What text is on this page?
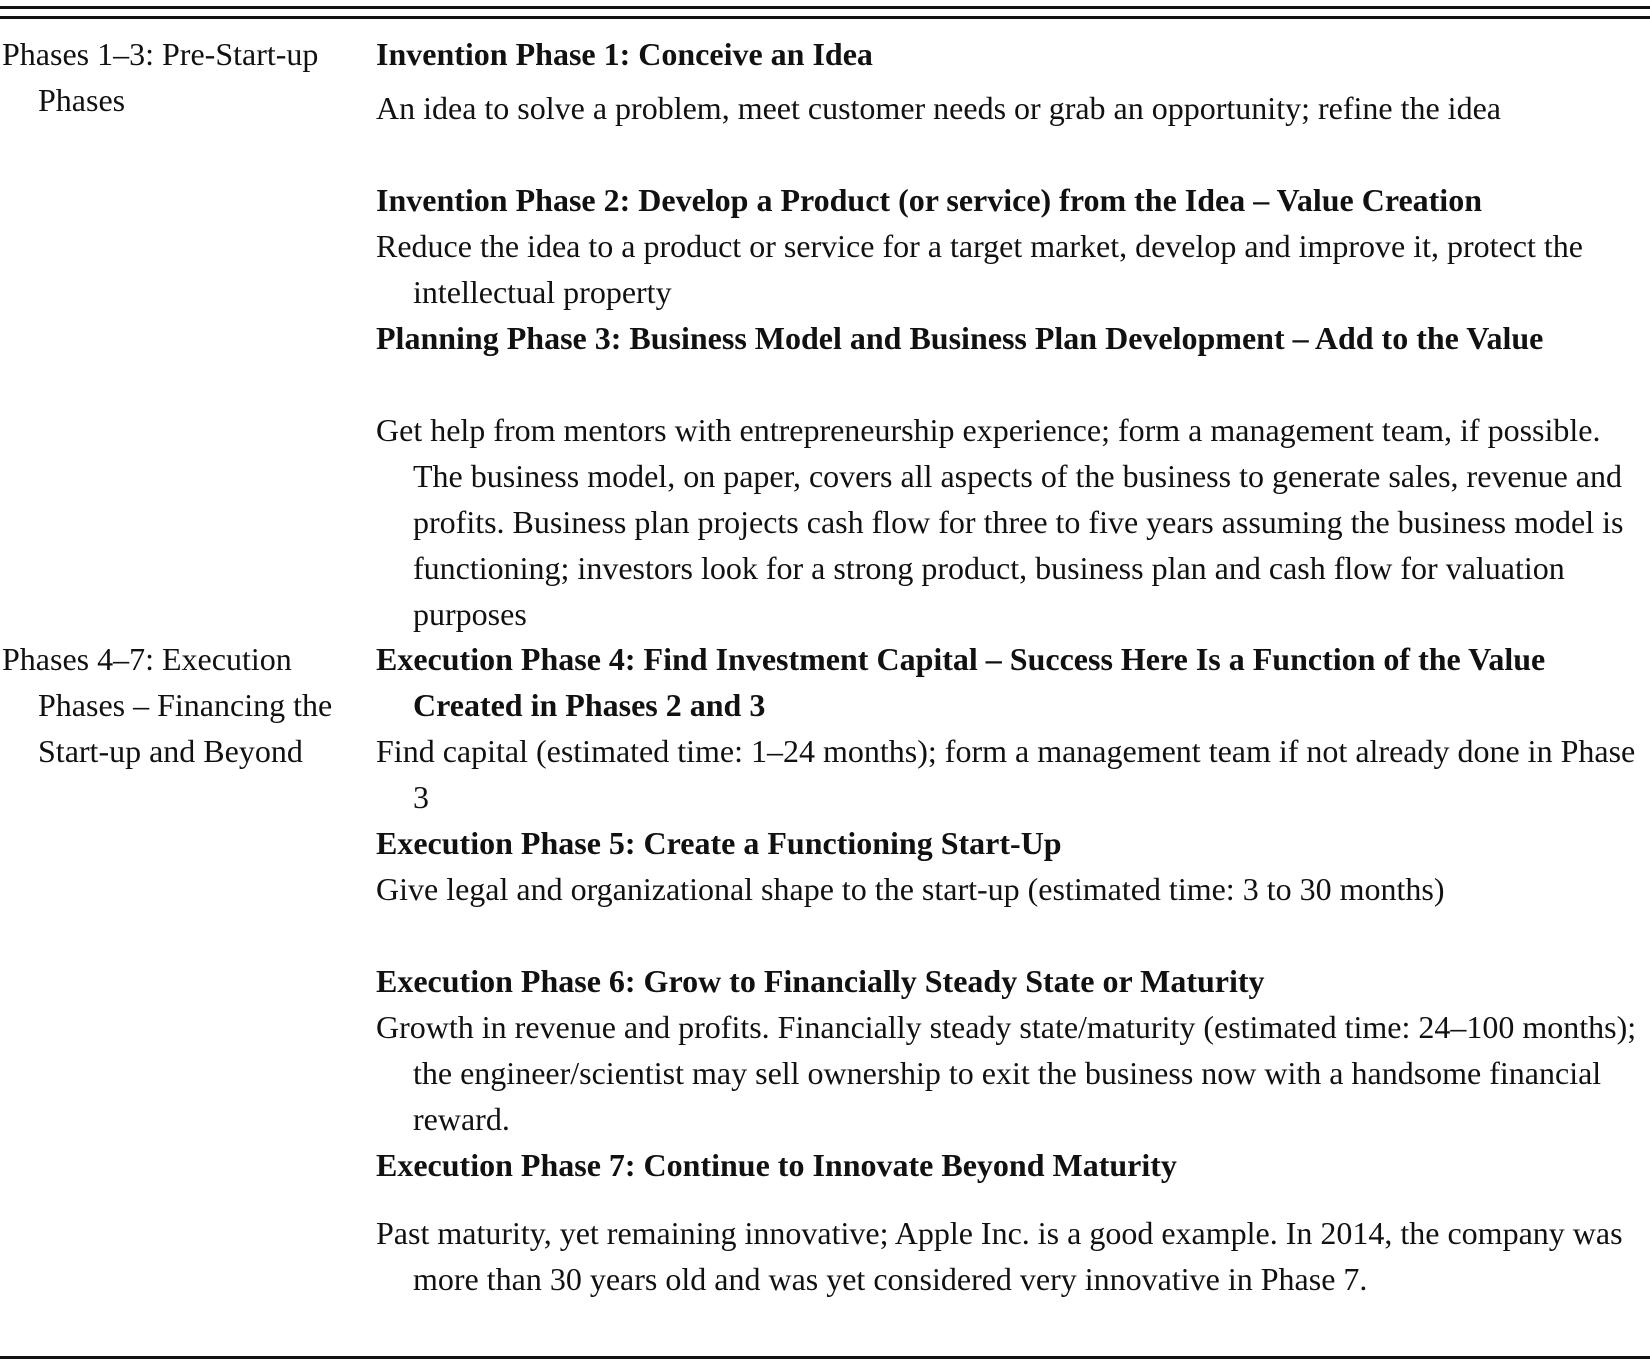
Phases 1–3: Pre-Start-up Phases
Invention Phase 1: Conceive an Idea
An idea to solve a problem, meet customer needs or grab an opportunity; refine the idea
Invention Phase 2: Develop a Product (or service) from the Idea – Value Creation
Reduce the idea to a product or service for a target market, develop and improve it, protect the intellectual property
Planning Phase 3: Business Model and Business Plan Development – Add to the Value
Get help from mentors with entrepreneurship experience; form a management team, if possible. The business model, on paper, covers all aspects of the business to generate sales, revenue and profits. Business plan projects cash flow for three to five years assuming the business model is functioning; investors look for a strong product, business plan and cash flow for valuation purposes
Phases 4–7: Execution Phases – Financing the Start-up and Beyond
Execution Phase 4: Find Investment Capital – Success Here Is a Function of the Value Created in Phases 2 and 3
Find capital (estimated time: 1–24 months); form a management team if not already done in Phase 3
Execution Phase 5: Create a Functioning Start-Up
Give legal and organizational shape to the start-up (estimated time: 3 to 30 months)
Execution Phase 6: Grow to Financially Steady State or Maturity
Growth in revenue and profits. Financially steady state/maturity (estimated time: 24–100 months); the engineer/scientist may sell ownership to exit the business now with a handsome financial reward.
Execution Phase 7: Continue to Innovate Beyond Maturity
Past maturity, yet remaining innovative; Apple Inc. is a good example. In 2014, the company was more than 30 years old and was yet considered very innovative in Phase 7.
